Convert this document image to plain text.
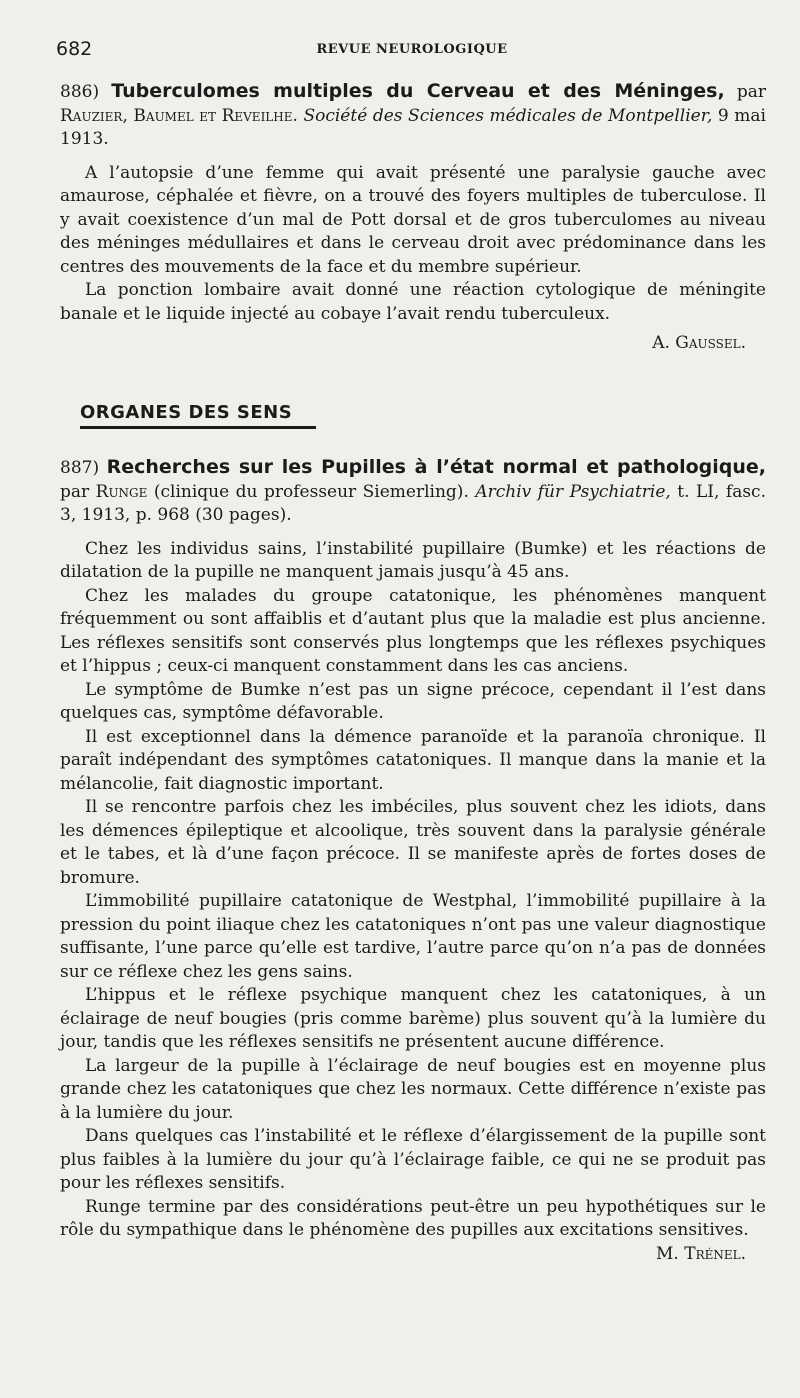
682	REVUE NEUROLOGIQUE
886) Tuberculomes multiples du Cerveau et des Méninges, par Rauzier, Baumel et Reveilhe. Société des Sciences médicales de Montpellier, 9 mai 1913.

A l’autopsie d’une femme qui avait présenté une paralysie gauche avec amaurose, céphalée et fièvre, on a trouvé des foyers multiples de tuberculose. Il y avait coexistence d’un mal de Pott dorsal et de gros tuberculomes au niveau des méninges médullaires et dans le cerveau droit avec prédominance dans les centres des mouvements de la face et du membre supérieur.

La ponction lombaire avait donné une réaction cytologique de méningite banale et le liquide injecté au cobaye l’avait rendu tuberculeux.

A. Gaussel.
ORGANES DES SENS
887) Recherches sur les Pupilles à l’état normal et pathologique, par Runge (clinique du professeur Siemerling). Archiv für Psychiatrie, t. LI, fasc. 3, 1913, p. 968 (30 pages).

Chez les individus sains, l’instabilité pupillaire (Bumke) et les réactions de dilatation de la pupille ne manquent jamais jusqu’à 45 ans.

Chez les malades du groupe catatonique, les phénomènes manquent fréquemment ou sont affaiblis et d’autant plus que la maladie est plus ancienne. Les réflexes sensitifs sont conservés plus longtemps que les réflexes psychiques et l’hippus ; ceux-ci manquent constamment dans les cas anciens.

Le symptôme de Bumke n’est pas un signe précoce, cependant il l’est dans quelques cas, symptôme défavorable.

Il est exceptionnel dans la démence paranoïde et la paranoïa chronique. Il paraît indépendant des symptômes catatoniques. Il manque dans la manie et la mélancolie, fait diagnostic important.

Il se rencontre parfois chez les imbéciles, plus souvent chez les idiots, dans les démences épileptique et alcoolique, très souvent dans la paralysie générale et le tabes, et là d’une façon précoce. Il se manifeste après de fortes doses de bromure.

L’immobilité pupillaire catatonique de Westphal, l’immobilité pupillaire à la pression du point iliaque chez les catatoniques n’ont pas une valeur diagnostique suffisante, l’une parce qu’elle est tardive, l’autre parce qu’on n’a pas de données sur ce réflexe chez les gens sains.

L’hippus et le réflexe psychique manquent chez les catatoniques, à un éclairage de neuf bougies (pris comme barème) plus souvent qu’à la lumière du jour, tandis que les réflexes sensitifs ne présentent aucune différence.

La largeur de la pupille à l’éclairage de neuf bougies est en moyenne plus grande chez les catatoniques que chez les normaux. Cette différence n’existe pas à la lumière du jour.

Dans quelques cas l’instabilité et le réflexe d’élargissement de la pupille sont plus faibles à la lumière du jour qu’à l’éclairage faible, ce qui ne se produit pas pour les réflexes sensitifs.

Runge termine par des considérations peut-être un peu hypothétiques sur le rôle du sympathique dans le phénomène des pupilles aux excitations sensitives.

M. Trénel.
